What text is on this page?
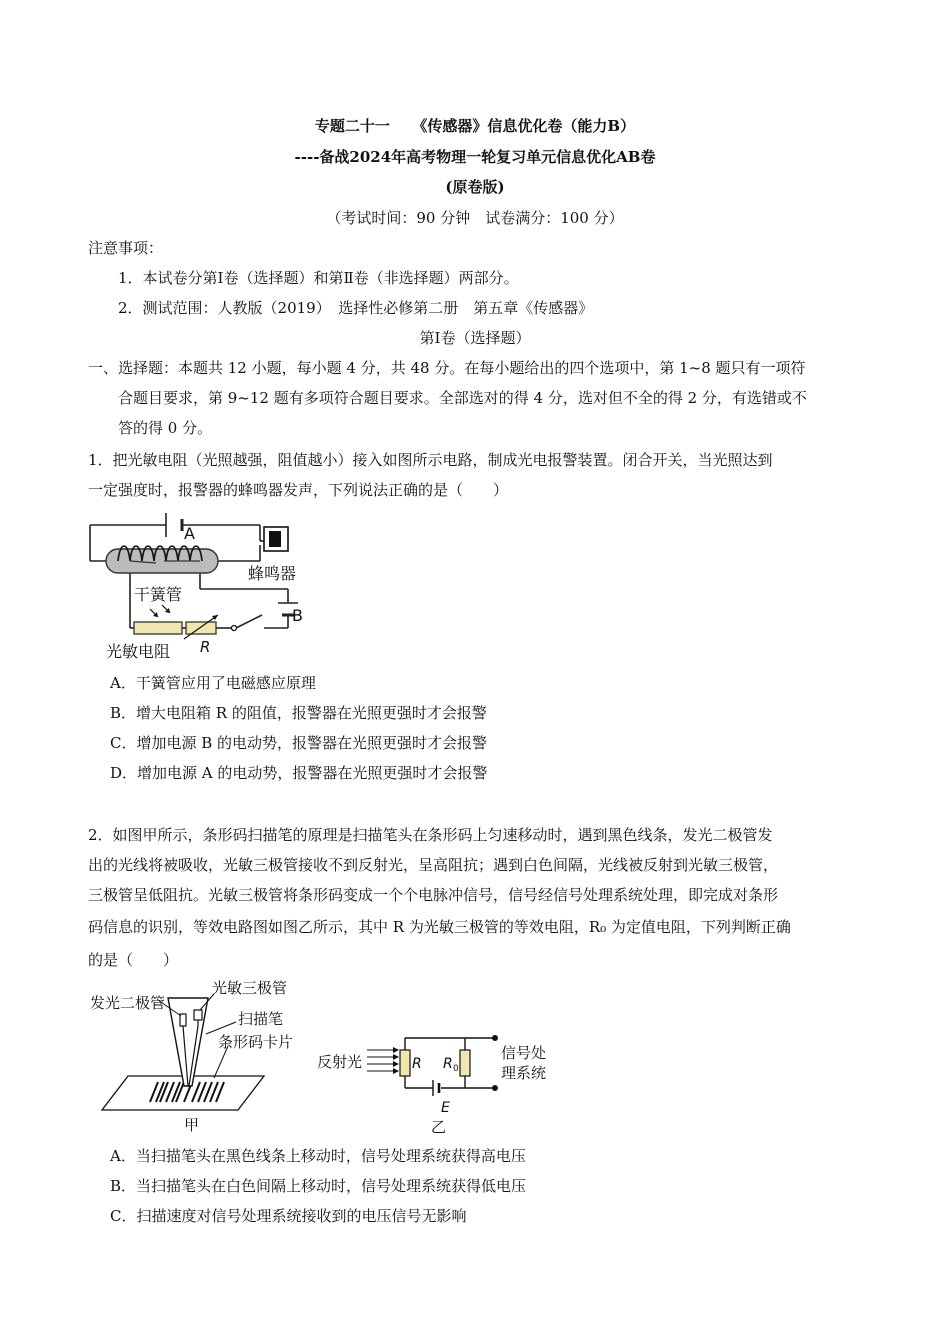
专题二十一　　《传感器》信息优化卷（能力B）
----备战2024年高考物理一轮复习单元信息优化AB卷
(原卷版)
（考试时间：90 分钟　试卷满分：100 分）
注意事项：
1．本试卷分第Ⅰ卷（选择题）和第Ⅱ卷（非选择题）两部分。
2．测试范围：人教版（2019）　选择性必修第二册　第五章《传感器》
第Ⅰ卷（选择题）
一、选择题：本题共 12 小题，每小题 4 分，共 48 分。在每小题给出的四个选项中，第 1~8 题只有一项符
合题目要求，第 9~12 题有多项符合题目要求。全部选对的得 4 分，选对但不全的得 2 分，有选错或不
答的得 0 分。
1．把光敏电阻（光照越强，阻值越小）接入如图所示电路，制成光电报警装置。闭合开关，当光照达到
一定强度时，报警器的蜂鸣器发声，下列说法正确的是（　　）
A
B
蜂鸣器
干簧管
光敏电阻 R
A．干簧管应用了电磁感应原理
B．增大电阻箱 R 的阻值，报警器在光照更强时才会报警
C．增加电源 B 的电动势，报警器在光照更强时才会报警
D．增加电源 A 的电动势，报警器在光照更强时才会报警
2．如图甲所示，条形码扫描笔的原理是扫描笔头在条形码上匀速移动时，遇到黑色线条，发光二极管发
出的光线将被吸收，光敏三极管接收不到反射光，呈高阻抗；遇到白色间隔，光线被反射到光敏三极管，
三极管呈低阻抗。光敏三极管将条形码变成一个个电脉冲信号，信号经信号处理系统处理，即完成对条形
码信息的识别，等效电路图如图乙所示，其中 R 为光敏三极管的等效电阻，R₀ 为定值电阻，下列判断正确
的是（　　）
发光二极管
光敏三极管
扫描笔
条形码卡片
甲
反射光	R R 0
E
信号处
理系统
乙
A．当扫描笔头在黑色线条上移动时，信号处理系统获得高电压
B．当扫描笔头在白色间隔上移动时，信号处理系统获得低电压
C．扫描速度对信号处理系统接收到的电压信号无影响
